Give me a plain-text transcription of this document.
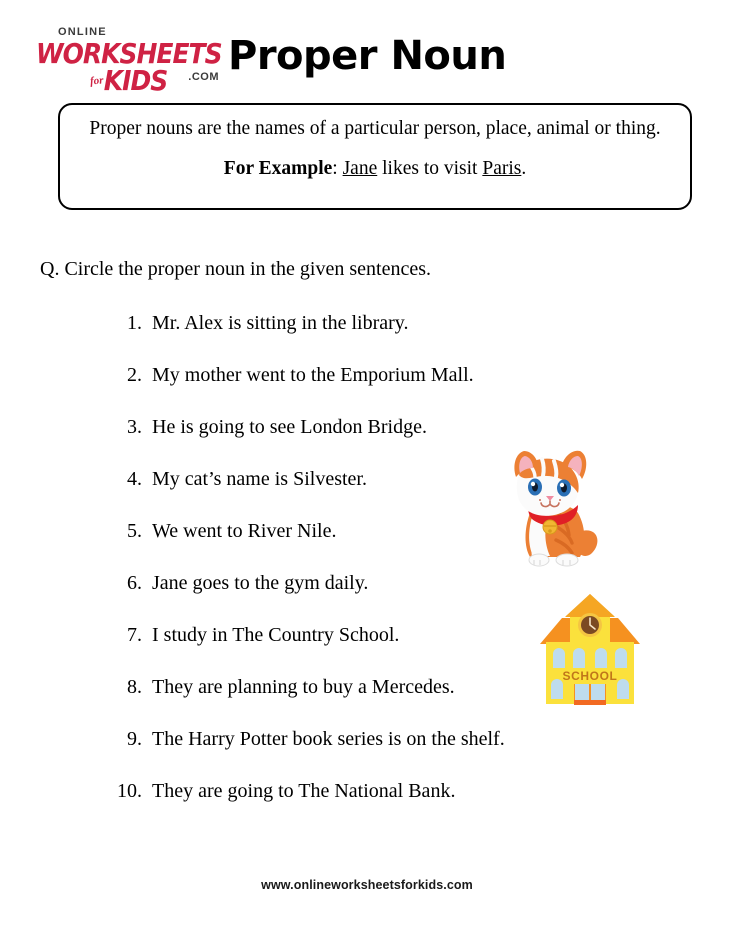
ONLINE
WORKSHEETSforKIDS	.COM Proper Noun
Proper nouns are the names of a particular person, place, animal or thing.
For Example: Jane likes to visit Paris.
Q. Circle the proper noun in the given sentences.
1. Mr. Alex is sitting in the library.
2. My mother went to the Emporium Mall.
3. He is going to see London Bridge.
4. My cat’s name is Silvester.
5. We went to River Nile.
6. Jane goes to the gym daily.
7. I study in The Country School.
8. They are planning to buy a Mercedes.
9. The Harry Potter book series is on the shelf.
10. They are going to The National Bank.
SCHOOL
www.onlineworksheetsforkids.com
